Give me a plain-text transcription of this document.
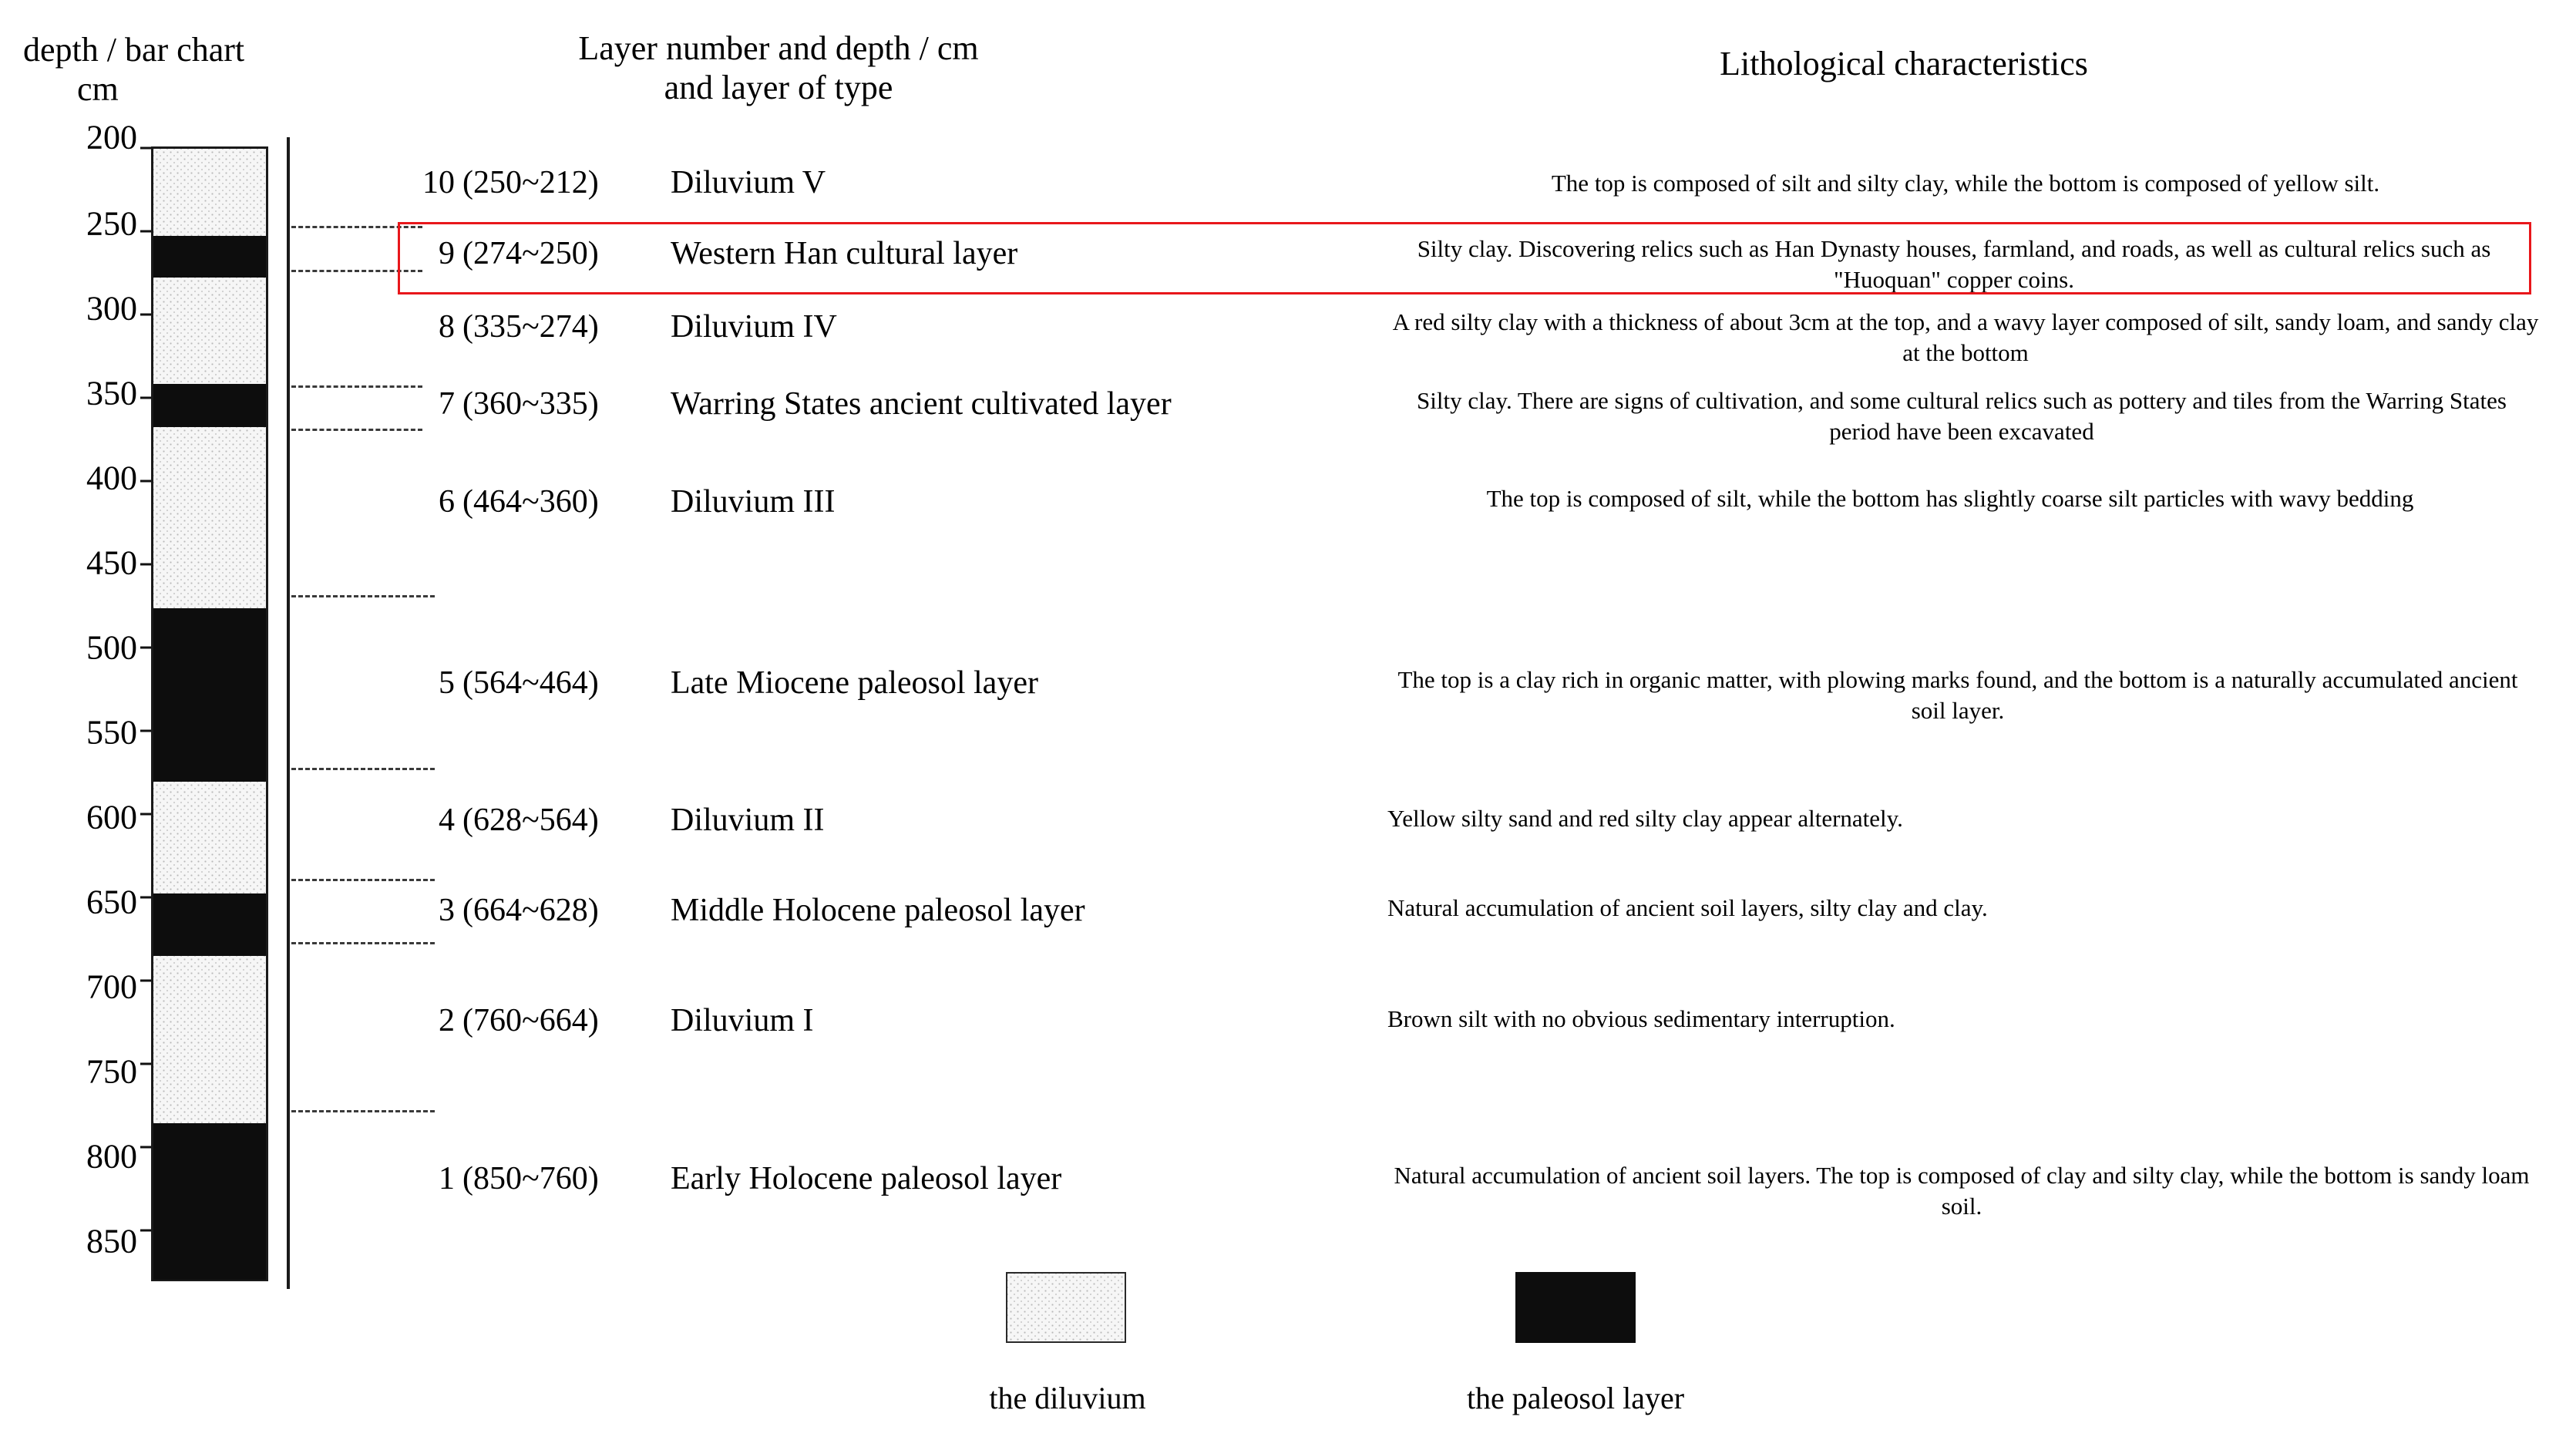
depth / bar chart
cm
Layer number and depth / cm
and layer of type
Lithological characteristics
200
250
300
350
400
450
500
550
600
650
700
750
800
850
10 (250~212)	Diluvium V	The top is composed of silt and silty clay, while the bottom is composed of yellow silt.
9 (274~250)	Western Han cultural layer	Silty clay. Discovering relics such as Han Dynasty houses, farmland, and roads, as well as cultural relics such as "Huoquan" copper coins.
8 (335~274)	Diluvium IV	A red silty clay with a thickness of about 3cm at the top, and a wavy layer composed of silt, sandy loam, and sandy clay at the bottom
7 (360~335)	Warring States ancient cultivated layer	Silty clay. There are signs of cultivation, and some cultural relics such as pottery and tiles from the Warring States period have been excavated
6 (464~360)	Diluvium III	The top is composed of silt, while the bottom has slightly coarse silt particles with wavy bedding
5 (564~464)	Late Miocene paleosol layer	The top is a clay rich in organic matter, with plowing marks found, and the bottom is a naturally accumulated ancient soil layer.
4 (628~564)	Diluvium II	Yellow silty sand and red silty clay appear alternately.
3 (664~628)	Middle Holocene paleosol layer	Natural accumulation of ancient soil layers, silty clay and clay.
2 (760~664)	Diluvium I	Brown silt with no obvious sedimentary interruption.
1 (850~760)	Early Holocene paleosol layer	Natural accumulation of ancient soil layers. The top is composed of clay and silty clay, while the bottom is sandy loam soil.
the diluvium	the paleosol layer
